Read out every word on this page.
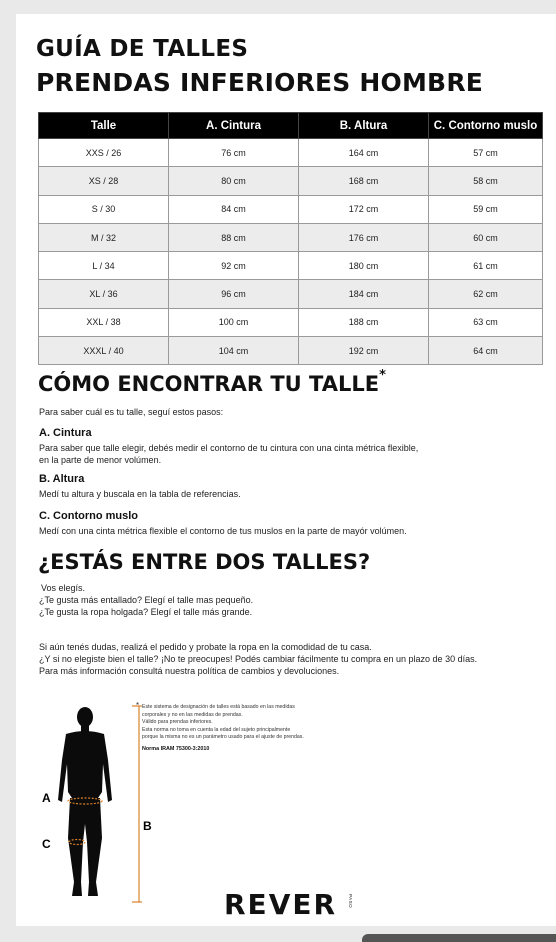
GUÍA DE TALLES
PRENDAS INFERIORES HOMBRE
Talle	A. Cintura	B. Altura	C. Contorno muslo
XXS / 26	76 cm	164 cm	57 cm
XS / 28	80 cm	168 cm	58 cm
S / 30	84 cm	172 cm	59 cm
M / 32	88 cm	176 cm	60 cm
L / 34	92 cm	180 cm	61 cm
XL / 36	96 cm	184 cm	62 cm
XXL / 38	100 cm	188 cm	63 cm
XXXL / 40	104 cm	192 cm	64 cm
CÓMO ENCONTRAR TU TALLE*
Para saber cuál es tu talle, seguí estos pasos:
A. Cintura
Para saber que talle elegir, debés medir el contorno de tu cintura con una cinta métrica flexible,
en la parte de menor volúmen.
B. Altura
Medí tu altura y buscala en la tabla de referencias.
C. Contorno muslo
Medí con una cinta métrica flexible el contorno de tus muslos en la parte de mayór volúmen.
¿ESTÁS ENTRE DOS TALLES?
Vos elegís.
¿Te gusta más entallado? Elegí el talle mas pequeño.
¿Te gusta la ropa holgada? Elegí el talle más grande.
Si aún tenés dudas, realizá el pedido y probate la ropa en la comodidad de tu casa.
¿Y si no elegiste bien el talle? ¡No te preocupes! Podés cambiar fácilmente tu compra en un plazo de 30 días.
Para más información consultá nuestra política de cambios y devoluciones.
A
C
B
* Este sistema de designación de talles está basado en las medidas
corporales y no en las medidas de prendas.
Válido para prendas inferiores.
Esta norma no toma en cuenta la edad del sujeto principalmente
porque la misma no es un parámetro usado para el ajuste de prendas.
Norma IRAM 75300-3:2010
REVER PASO
